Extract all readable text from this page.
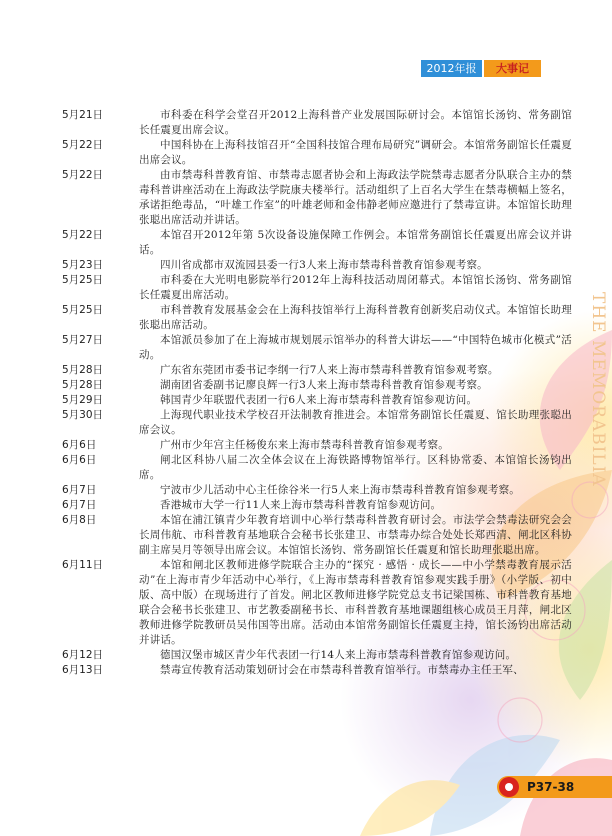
2012年报	大事记
THE MEMORABILIA
5月21日	市科委在科学会堂召开2012上海科普产业发展国际研讨会。本馆馆长汤钧、常务副馆长任震夏出席会议。
5月22日	中国科协在上海科技馆召开“全国科技馆合理布局研究”调研会。本馆常务副馆长任震夏出席会议。
5月22日	由市禁毒科普教育馆、市禁毒志愿者协会和上海政法学院禁毒志愿者分队联合主办的禁毒科普讲座活动在上海政法学院康夫楼举行。活动组织了上百名大学生在禁毒横幅上签名，承诺拒绝毒品，“叶雄工作室”的叶雄老师和金伟静老师应邀进行了禁毒宣讲。本馆馆长助理张聪出席活动并讲话。
5月22日	本馆召开2012年第 5次设备设施保障工作例会。本馆常务副馆长任震夏出席会议并讲话。
5月23日	四川省成都市双流园县委一行3人来上海市禁毒科普教育馆参观考察。
5月25日	市科委在大光明电影院举行2012年上海科技活动周闭幕式。本馆馆长汤钧、常务副馆长任震夏出席活动。
5月25日	市科普教育发展基金会在上海科技馆举行上海科普教育创新奖启动仪式。本馆馆长助理张聪出席活动。
5月27日	本馆派员参加了在上海城市规划展示馆举办的科普大讲坛——“中国特色城市化模式”活动。
5月28日	广东省东莞团市委书记李纲一行7人来上海市禁毒科普教育馆参观考察。
5月28日	湖南团省委副书记廖良辉一行3人来上海市禁毒科普教育馆参观考察。
5月29日	韩国青少年联盟代表团一行6人来上海市禁毒科普教育馆参观访问。
5月30日	上海现代职业技术学校召开法制教育推进会。本馆常务副馆长任震夏、馆长助理张聪出席会议。
6月6日	广州市少年宫主任杨俊东来上海市禁毒科普教育馆参观考察。
6月6日	闸北区科协八届二次全体会议在上海铁路博物馆举行。区科协常委、本馆馆长汤钧出席。
6月7日	宁波市少儿活动中心主任徐谷米一行5人来上海市禁毒科普教育馆参观考察。
6月7日	香港城市大学一行11人来上海市禁毒科普教育馆参观访问。
6月8日	本馆在浦江镇青少年教育培训中心举行禁毒科普教育研讨会。市法学会禁毒法研究会会长周伟航、市科普教育基地联合会秘书长张建卫、市禁毒办综合处处长郑西清、闸北区科协副主席吴月等领导出席会议。本馆馆长汤钧、常务副馆长任震夏和馆长助理张聪出席。
6月11日	本馆和闸北区教师进修学院联合主办的“探究 · 感悟 · 成长——中小学禁毒教育展示活动”在上海市青少年活动中心举行，《上海市禁毒科普教育馆参观实践手册》（小学版、初中版、高中版）在现场进行了首发。闸北区教师进修学院党总支书记梁国栋、市科普教育基地联合会秘书长张建卫、市艺教委副秘书长、市科普教育基地课题组核心成员王月萍，闸北区教师进修学院教研员吴伟国等出席。活动由本馆常务副馆长任震夏主持，馆长汤钧出席活动并讲话。
6月12日	德国汉堡市城区青少年代表团一行14人来上海市禁毒科普教育馆参观访问。
6月13日	禁毒宣传教育活动策划研讨会在市禁毒科普教育馆举行。市禁毒办主任王军、
P37-38
